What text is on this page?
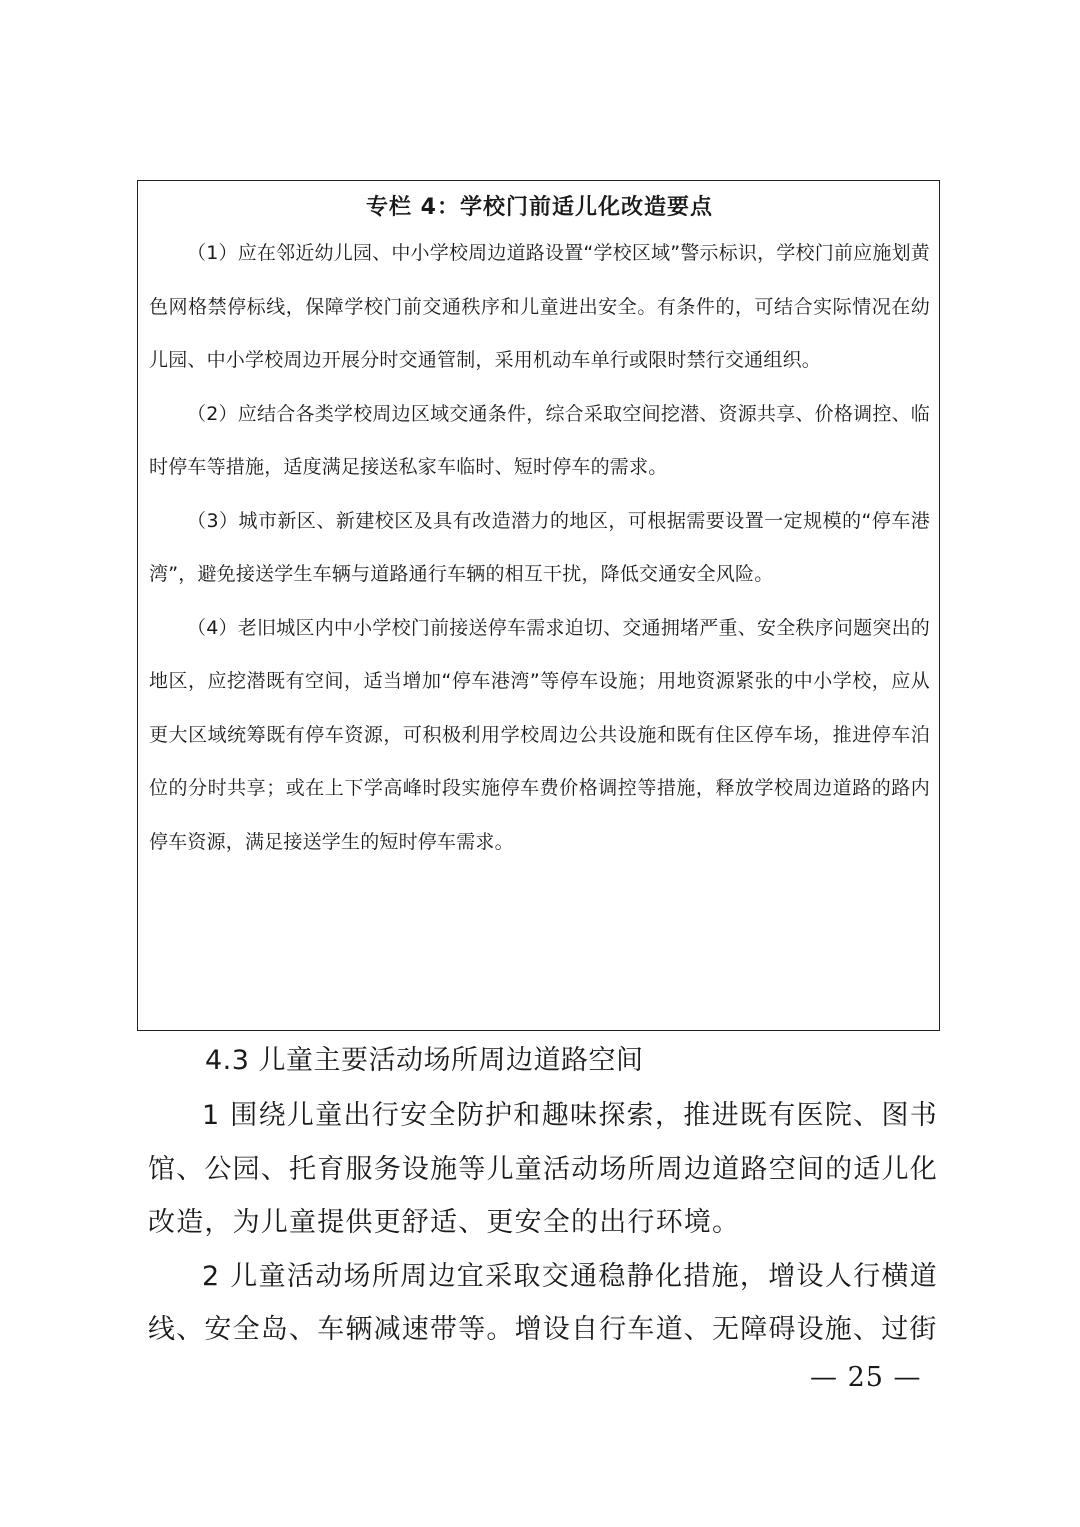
专栏 4：学校门前适儿化改造要点

（1）应在邻近幼儿园、中小学校周边道路设置“学校区域”警示标识，学校门前应施划黄色网格禁停标线，保障学校门前交通秩序和儿童进出安全。有条件的，可结合实际情况在幼儿园、中小学校周边开展分时交通管制，采用机动车单行或限时禁行交通组织。

（2）应结合各类学校周边区域交通条件，综合采取空间挖潜、资源共享、价格调控、临时停车等措施，适度满足接送私家车临时、短时停车的需求。

（3）城市新区、新建校区及具有改造潜力的地区，可根据需要设置一定规模的“停车港湾”，避免接送学生车辆与道路通行车辆的相互干扰，降低交通安全风险。

（4）老旧城区内中小学校门前接送停车需求迫切、交通拥堵严重、安全秩序问题突出的地区，应挖潜既有空间，适当增加“停车港湾”等停车设施；用地资源紧张的中小学校，应从更大区域统筹既有停车资源，可积极利用学校周边公共设施和既有住区停车场，推进停车泊位的分时共享；或在上下学高峰时段实施停车费价格调控等措施，释放学校周边道路的路内停车资源，满足接送学生的短时停车需求。

4.3 儿童主要活动场所周边道路空间

1 围绕儿童出行安全防护和趣味探索，推进既有医院、图书馆、公园、托育服务设施等儿童活动场所周边道路空间的适儿化改造，为儿童提供更舒适、更安全的出行环境。

2 儿童活动场所周边宜采取交通稳静化措施，增设人行横道线、安全岛、车辆减速带等。增设自行车道、无障碍设施、过街

— 25 —
